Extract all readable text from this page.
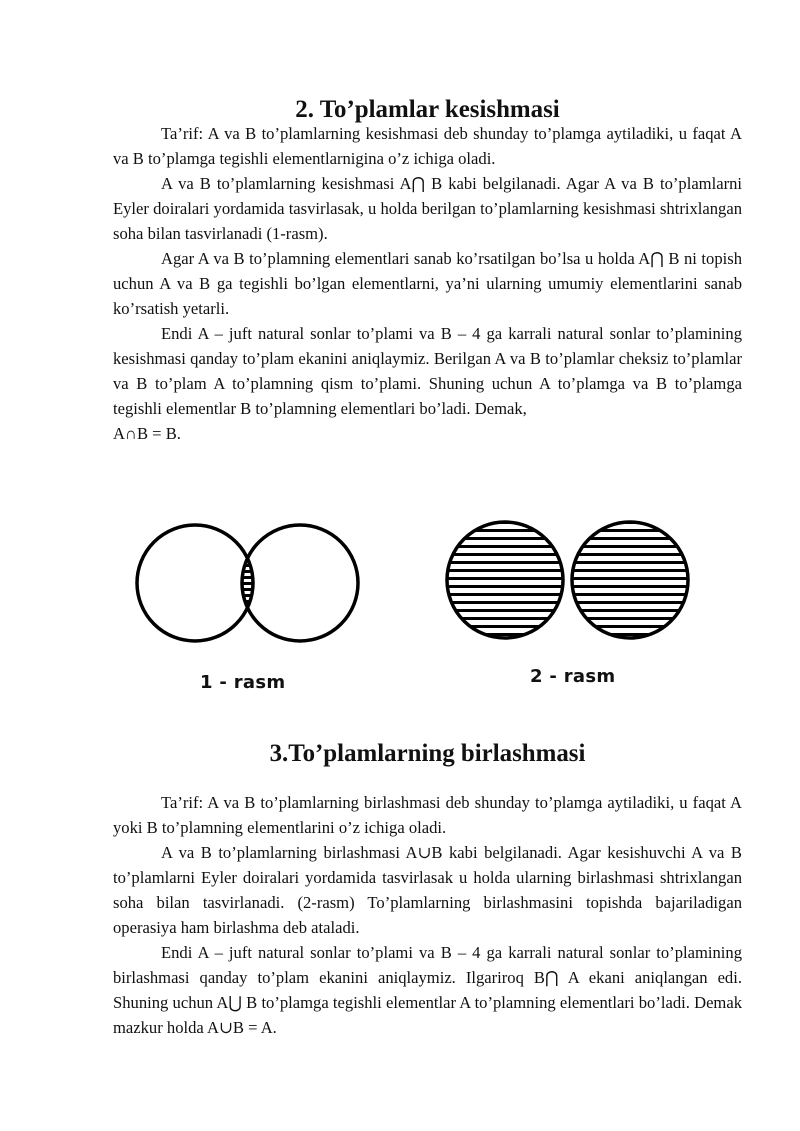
2. To’plamlar kesishmasi

Ta’rif: A va B to’plamlarning kesishmasi deb shunday to’plamga aytiladiki, u faqat A va B to’plamga tegishli elementlarnigina o’z ichiga oladi.

A va B to’plamlarning kesishmasi A⋂ B kabi belgilanadi. Agar A va B to’plamlarni Eyler doiralari yordamida tasvirlasak, u holda berilgan to’plamlarning kesishmasi shtrixlangan soha bilan tasvirlanadi (1-rasm).

Agar A va B to’plamning elementlari sanab ko’rsatilgan bo’lsa u holda A⋂ B ni topish uchun A va B ga tegishli bo’lgan elementlarni, ya’ni ularning umumiy elementlarini sanab ko’rsatish yetarli.

Endi A – juft natural sonlar to’plami va B – 4 ga karrali natural sonlar to’plamining kesishmasi qanday to’plam ekanini aniqlaymiz. Berilgan A va B to’plamlar cheksiz to’plamlar va B to’plam A to’plamning qism to’plami. Shuning uchun A to’plamga va B to’plamga tegishli elementlar B to’plamning elementlari bo’ladi. Demak,

A∩B = B.

1 - rasm	2 - rasm
3.To’plamlarning birlashmasi

Ta’rif: A va B to’plamlarning birlashmasi deb shunday to’plamga aytiladiki, u faqat A yoki B to’plamning elementlarini o’z ichiga oladi.

A va B to’plamlarning birlashmasi A∪B kabi belgilanadi. Agar kesishuvchi A va B to’plamlarni Eyler doiralari yordamida tasvirlasak u holda ularning birlashmasi shtrixlangan soha bilan tasvirlanadi. (2-rasm) To’plamlarning birlashmasini topishda bajariladigan operasiya ham birlashma deb ataladi.

Endi A – juft natural sonlar to’plami va B – 4 ga karrali natural sonlar to’plamining birlashmasi qanday to’plam ekanini aniqlaymiz. Ilgariroq B⋂ A ekani aniqlangan edi. Shuning uchun A⋃ B to’plamga tegishli elementlar A to’plamning elementlari bo’ladi. Demak mazkur holda A∪B = A.
